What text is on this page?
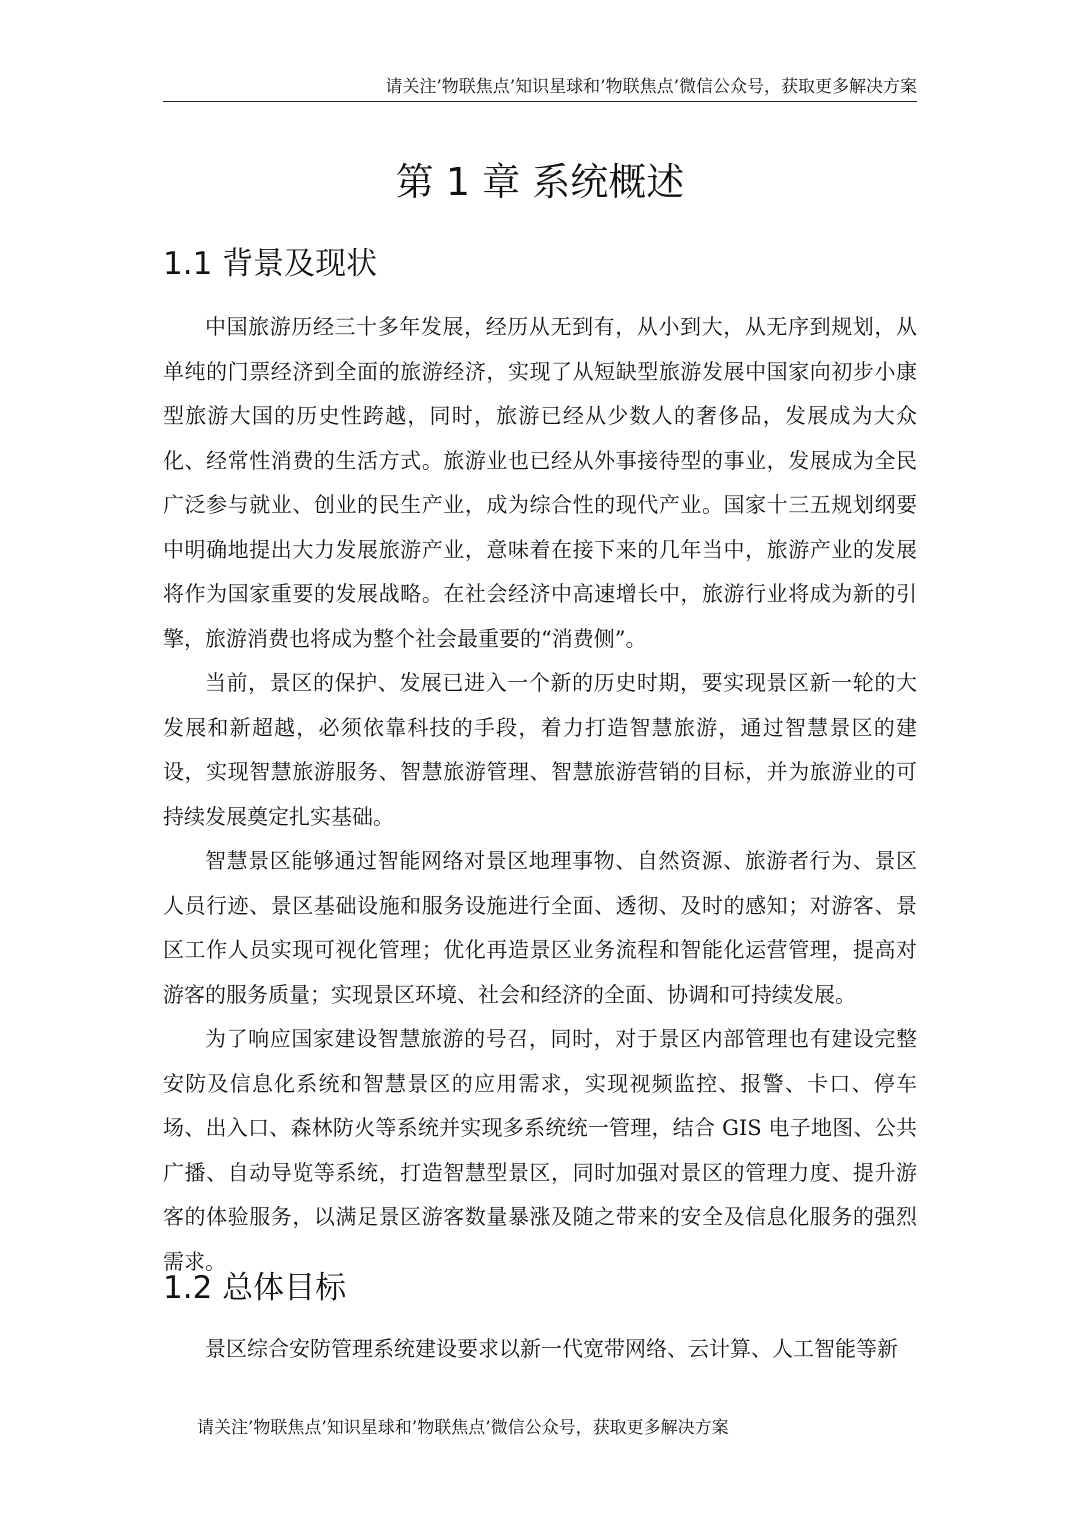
请关注’物联焦点’知识星球和’物联焦点’微信公众号，获取更多解决方案
第 1 章 系统概述
1.1 背景及现状

中国旅游历经三十多年发展，经历从无到有，从小到大，从无序到规划，从单纯的门票经济到全面的旅游经济，实现了从短缺型旅游发展中国家向初步小康型旅游大国的历史性跨越，同时，旅游已经从少数人的奢侈品，发展成为大众化、经常性消费的生活方式。旅游业也已经从外事接待型的事业，发展成为全民广泛参与就业、创业的民生产业，成为综合性的现代产业。国家十三五规划纲要中明确地提出大力发展旅游产业，意味着在接下来的几年当中，旅游产业的发展将作为国家重要的发展战略。在社会经济中高速增长中，旅游行业将成为新的引擎，旅游消费也将成为整个社会最重要的“消费侧”。

当前，景区的保护、发展已进入一个新的历史时期，要实现景区新一轮的大发展和新超越，必须依靠科技的手段，着力打造智慧旅游，通过智慧景区的建设，实现智慧旅游服务、智慧旅游管理、智慧旅游营销的目标，并为旅游业的可持续发展奠定扎实基础。

智慧景区能够通过智能网络对景区地理事物、自然资源、旅游者行为、景区人员行迹、景区基础设施和服务设施进行全面、透彻、及时的感知；对游客、景区工作人员实现可视化管理；优化再造景区业务流程和智能化运营管理，提高对游客的服务质量；实现景区环境、社会和经济的全面、协调和可持续发展。

为了响应国家建设智慧旅游的号召，同时，对于景区内部管理也有建设完整安防及信息化系统和智慧景区的应用需求，实现视频监控、报警、卡口、停车场、出入口、森林防火等系统并实现多系统统一管理，结合 GIS 电子地图、公共广播、自动导览等系统，打造智慧型景区，同时加强对景区的管理力度、提升游客的体验服务，以满足景区游客数量暴涨及随之带来的安全及信息化服务的强烈需求。

1.2 总体目标

景区综合安防管理系统建设要求以新一代宽带网络、云计算、人工智能等新

请关注’物联焦点’知识星球和’物联焦点’微信公众号，获取更多解决方案
